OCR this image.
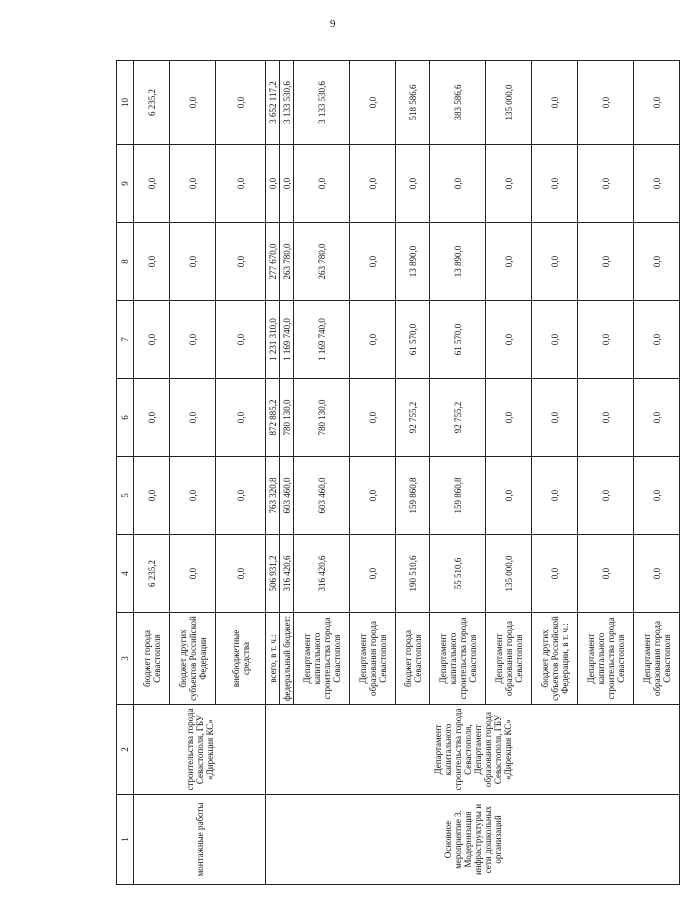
9
1	2	3	4	5	6	7	8	9	10
монтажные работы	строительства города Севастополя, ГБУ «Дирекция КС»	бюджет города Севастополя	6 235,2	0,0	0,0	0,0	0,0	0,0	6 235,2
		бюджет других субъектов Российской Федерации	0,0	0,0	0,0	0,0	0,0	0,0	0,0
		внебюджетные средства	0,0	0,0	0,0	0,0	0,0	0,0	0,0
Основное мероприятие 3. Модернизация инфраструктуры и сети дошкольных организаций	Департамент капитального строительства города Севастополя, Департамент образования города Севастополя, ГБУ «Дирекция КС»	всего, в т. ч.:	506 931,2	763 320,8	872 885,2	1 231 310,0	277 670,0	0,0	3 652 117,2
		федеральный бюджет:	316 420,6	603 460,0	780 130,0	1 169 740,0	263 780,0	0,0	3 133 530,6
		Департамент капитального строительства города Севастополя	316 420,6	603 460,0	780 130,0	1 169 740,0	263 780,0	0,0	3 133 530,6
		Департамент образования города Севастополя	0,0	0,0	0,0	0,0	0,0	0,0	0,0
		бюджет города Севастополя	190 510,6	159 860,8	92 755,2	61 570,0	13 890,0	0,0	518 586,6
		Департамент капитального строительства города Севастополя	55 510,6	159 860,8	92 755,2	61 570,0	13 890,0	0,0	383 586,6
		Департамент образования города Севастополя	135 000,0	0,0	0,0	0,0	0,0	0,0	135 000,0
		бюджет других субъектов Российской Федерации, в т. ч.:	0,0	0,0	0,0	0,0	0,0	0,0	0,0
		Департамент капитального строительства города Севастополя	0,0	0,0	0,0	0,0	0,0	0,0	0,0
		Департамент образования города Севастополя	0,0	0,0	0,0	0,0	0,0	0,0	0,0
